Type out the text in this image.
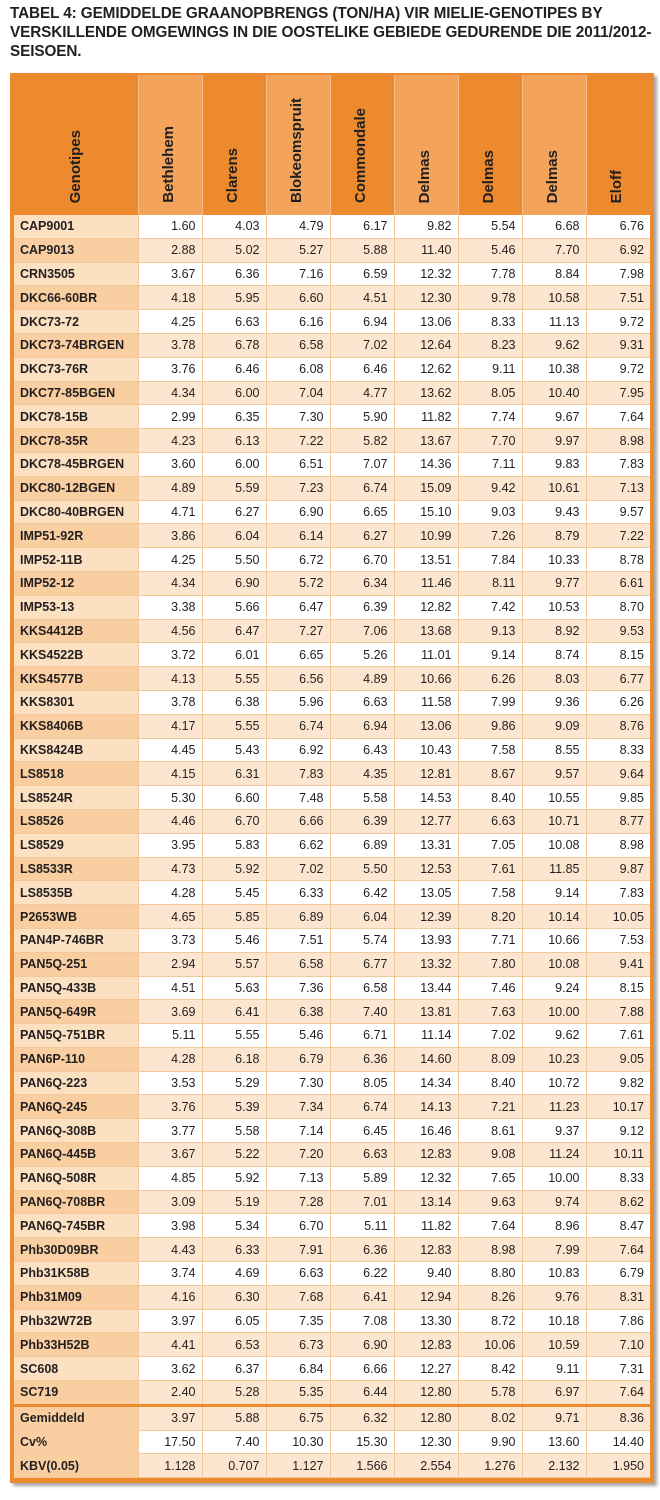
TABEL 4: GEMIDDELDE GRAANOPBRENGS (TON/HA) VIR MIELIE-GENOTIPES BY VERSKILLENDE OMGEWINGS IN DIE OOSTELIKE GEBIEDE GEDURENDE DIE 2011/2012-SEISOEN.
Genotipes	Bethlehem	Clarens	Blokeomspruit	Commondale	Delmas	Delmas	Delmas	Eloff
CAP9001	1.60	4.03	4.79	6.17	9.82	5.54	6.68	6.76
CAP9013	2.88	5.02	5.27	5.88	11.40	5.46	7.70	6.92
CRN3505	3.67	6.36	7.16	6.59	12.32	7.78	8.84	7.98
DKC66-60BR	4.18	5.95	6.60	4.51	12.30	9.78	10.58	7.51
DKC73-72	4.25	6.63	6.16	6.94	13.06	8.33	11.13	9.72
DKC73-74BRGEN	3.78	6.78	6.58	7.02	12.64	8.23	9.62	9.31
DKC73-76R	3.76	6.46	6.08	6.46	12.62	9.11	10.38	9.72
DKC77-85BGEN	4.34	6.00	7.04	4.77	13.62	8.05	10.40	7.95
DKC78-15B	2.99	6.35	7.30	5.90	11.82	7.74	9.67	7.64
DKC78-35R	4.23	6.13	7.22	5.82	13.67	7.70	9.97	8.98
DKC78-45BRGEN	3.60	6.00	6.51	7.07	14.36	7.11	9.83	7.83
DKC80-12BGEN	4.89	5.59	7.23	6.74	15.09	9.42	10.61	7.13
DKC80-40BRGEN	4.71	6.27	6.90	6.65	15.10	9.03	9.43	9.57
IMP51-92R	3.86	6.04	6.14	6.27	10.99	7.26	8.79	7.22
IMP52-11B	4.25	5.50	6.72	6.70	13.51	7.84	10.33	8.78
IMP52-12	4.34	6.90	5.72	6.34	11.46	8.11	9.77	6.61
IMP53-13	3.38	5.66	6.47	6.39	12.82	7.42	10.53	8.70
KKS4412B	4.56	6.47	7.27	7.06	13.68	9.13	8.92	9.53
KKS4522B	3.72	6.01	6.65	5.26	11.01	9.14	8.74	8.15
KKS4577B	4.13	5.55	6.56	4.89	10.66	6.26	8.03	6.77
KKS8301	3.78	6.38	5.96	6.63	11.58	7.99	9.36	6.26
KKS8406B	4.17	5.55	6.74	6.94	13.06	9.86	9.09	8.76
KKS8424B	4.45	5.43	6.92	6.43	10.43	7.58	8.55	8.33
LS8518	4.15	6.31	7.83	4.35	12.81	8.67	9.57	9.64
LS8524R	5.30	6.60	7.48	5.58	14.53	8.40	10.55	9.85
LS8526	4.46	6.70	6.66	6.39	12.77	6.63	10.71	8.77
LS8529	3.95	5.83	6.62	6.89	13.31	7.05	10.08	8.98
LS8533R	4.73	5.92	7.02	5.50	12.53	7.61	11.85	9.87
LS8535B	4.28	5.45	6.33	6.42	13.05	7.58	9.14	7.83
P2653WB	4.65	5.85	6.89	6.04	12.39	8.20	10.14	10.05
PAN4P-746BR	3.73	5.46	7.51	5.74	13.93	7.71	10.66	7.53
PAN5Q-251	2.94	5.57	6.58	6.77	13.32	7.80	10.08	9.41
PAN5Q-433B	4.51	5.63	7.36	6.58	13.44	7.46	9.24	8.15
PAN5Q-649R	3.69	6.41	6.38	7.40	13.81	7.63	10.00	7.88
PAN5Q-751BR	5.11	5.55	5.46	6.71	11.14	7.02	9.62	7.61
PAN6P-110	4.28	6.18	6.79	6.36	14.60	8.09	10.23	9.05
PAN6Q-223	3.53	5.29	7.30	8.05	14.34	8.40	10.72	9.82
PAN6Q-245	3.76	5.39	7.34	6.74	14.13	7.21	11.23	10.17
PAN6Q-308B	3.77	5.58	7.14	6.45	16.46	8.61	9.37	9.12
PAN6Q-445B	3.67	5.22	7.20	6.63	12.83	9.08	11.24	10.11
PAN6Q-508R	4.85	5.92	7.13	5.89	12.32	7.65	10.00	8.33
PAN6Q-708BR	3.09	5.19	7.28	7.01	13.14	9.63	9.74	8.62
PAN6Q-745BR	3.98	5.34	6.70	5.11	11.82	7.64	8.96	8.47
Phb30D09BR	4.43	6.33	7.91	6.36	12.83	8.98	7.99	7.64
Phb31K58B	3.74	4.69	6.63	6.22	9.40	8.80	10.83	6.79
Phb31M09	4.16	6.30	7.68	6.41	12.94	8.26	9.76	8.31
Phb32W72B	3.97	6.05	7.35	7.08	13.30	8.72	10.18	7.86
Phb33H52B	4.41	6.53	6.73	6.90	12.83	10.06	10.59	7.10
SC608	3.62	6.37	6.84	6.66	12.27	8.42	9.11	7.31
SC719	2.40	5.28	5.35	6.44	12.80	5.78	6.97	7.64
Gemiddeld	3.97	5.88	6.75	6.32	12.80	8.02	9.71	8.36
Cv%	17.50	7.40	10.30	15.30	12.30	9.90	13.60	14.40
KBV(0.05)	1.128	0.707	1.127	1.566	2.554	1.276	2.132	1.950
